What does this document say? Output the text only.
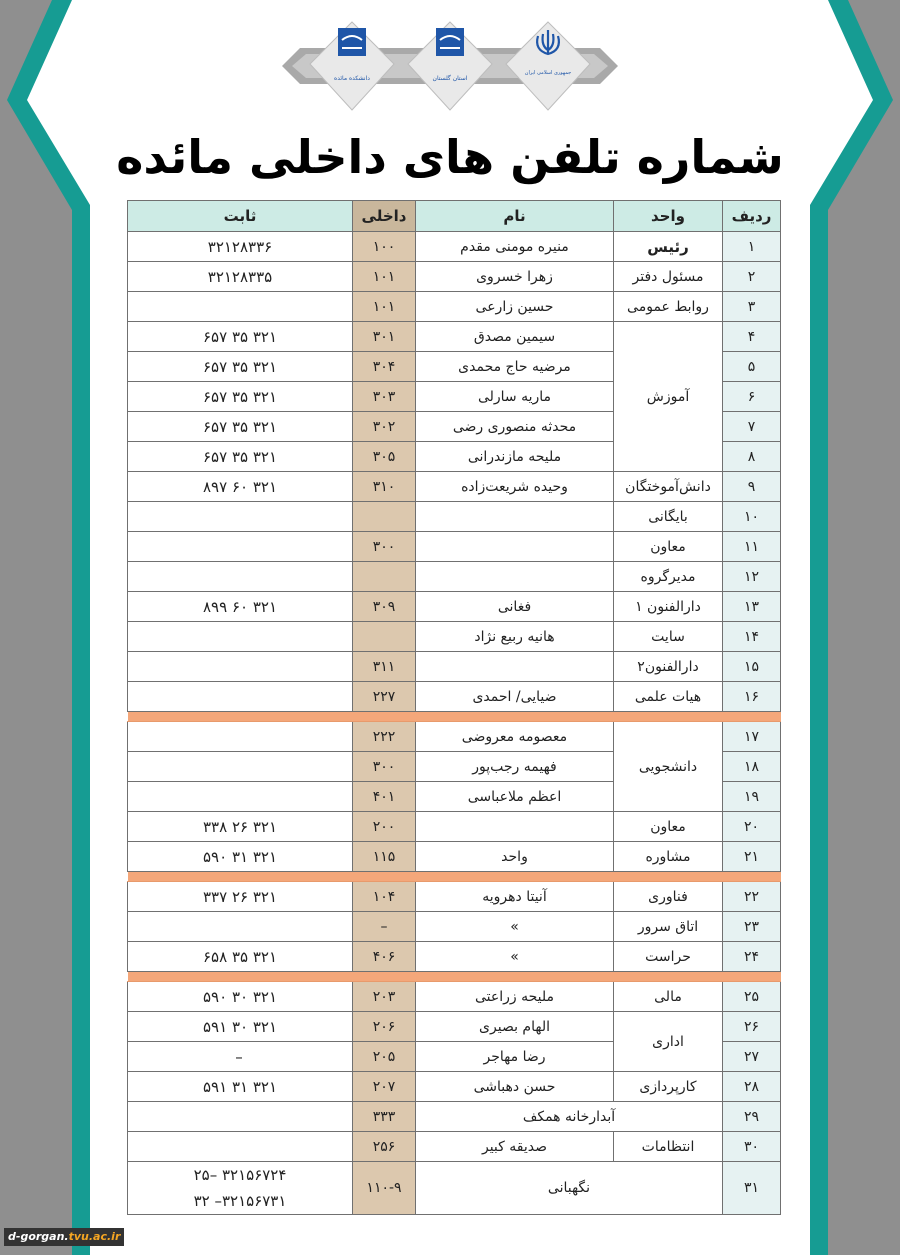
دانشکده مائده	استان گلستان
جمهوری اسلامی ایران
شماره تلفن های داخلی مائده
ردیف	واحد	نام	داخلی	ثابت
۱	رئیس	منیره مومنی مقدم	۱۰۰	۳۲۱۲۸۳۳۶
۲	مسئول دفتر	زهرا خسروی	۱۰۱	۳۲۱۲۸۳۳۵
۳	روابط عمومی	حسین زارعی	۱۰۱	
۴	آموزش	سیمین مصدق	۳۰۱	۳۲۱ ۳۵ ۶۵۷
۵		مرضیه حاج محمدی	۳۰۴	۳۲۱ ۳۵ ۶۵۷
۶		ماریه سارلی	۳۰۳	۳۲۱ ۳۵ ۶۵۷
۷		محدثه منصوری رضی	۳۰۲	۳۲۱ ۳۵ ۶۵۷
۸		ملیحه مازندرانی	۳۰۵	۳۲۱ ۳۵ ۶۵۷
۹	دانش‌آموختگان	وحیده شریعت‌زاده	۳۱۰	۳۲۱ ۶۰ ۸۹۷
۱۰	بایگانی			
۱۱	معاون		۳۰۰	
۱۲	مدیرگروه			
۱۳	دارالفنون ۱	فغانی	۳۰۹	۳۲۱ ۶۰ ۸۹۹
۱۴	سایت	هانیه ربیع نژاد		
۱۵	دارالفنون۲		۳۱۱	
۱۶	هیات علمی	ضیایی/ احمدی	۲۲۷	

۱۷	دانشجویی	معصومه معروضی	۲۲۲	
۱۸		فهیمه رجب‌پور	۳۰۰	
۱۹		اعظم ملاعباسی	۴۰۱	
۲۰	معاون		۲۰۰	۳۲۱ ۲۶ ۳۳۸
۲۱	مشاوره	واحد	۱۱۵	۳۲۱ ۳۱ ۵۹۰

۲۲	فناوری	آنیتا دهرویه	۱۰۴	۳۲۱ ۲۶ ۳۳۷
۲۳	اتاق سرور	»	–	
۲۴	حراست	»	۴۰۶	۳۲۱ ۳۵ ۶۵۸

۲۵	مالی	ملیحه زراعتی	۲۰۳	۳۲۱ ۳۰ ۵۹۰
۲۶	اداری	الهام بصیری	۲۰۶	۳۲۱ ۳۰ ۵۹۱
۲۷		رضا مهاجر	۲۰۵	–
۲۸	کارپردازی	حسن دهباشی	۲۰۷	۳۲۱ ۳۱ ۵۹۱
۲۹	آبدارخانه همکف		۳۳۳	
۳۰	انتظامات	صدیقه کبیر	۲۵۶	
۳۱	نگهبانی		۱۱۰-۹	۳۲۱۵۶۷۲۴ –۲۵
۳۲۱۵۶۷۳۱– ۳۲
d-gorgan.tvu.ac.ir
